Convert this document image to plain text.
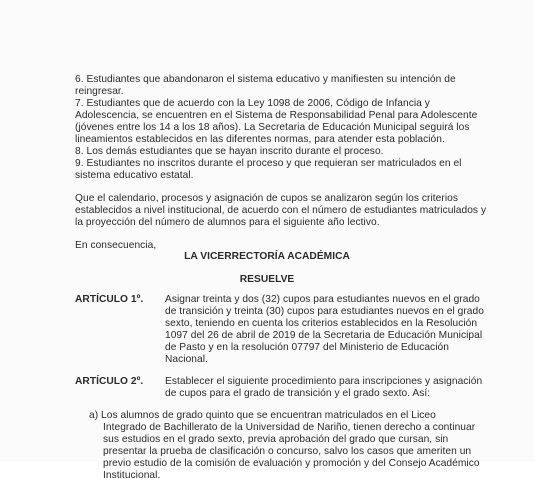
6. Estudiantes que abandonaron el sistema educativo y manifiesten su intención de
reingresar.
7. Estudiantes que de acuerdo con la Ley 1098 de 2006, Código de Infancia y
Adolescencia, se encuentren en el Sistema de Responsabilidad Penal para Adolescente
(jóvenes entre los 14 a los 18 años). La Secretaria de Educación Municipal seguirá los
lineamientos establecidos en las diferentes normas, para atender esta población.
8. Los demás estudiantes que se hayan inscrito durante el proceso.
9. Estudiantes no inscritos durante el proceso y que requieran ser matriculados en el
sistema educativo estatal.
Que el calendario, procesos y asignación de cupos se analizaron según los criterios
establecidos a nivel institucional, de acuerdo con el número de estudiantes matriculados y
la proyección del número de alumnos para el siguiente año lectivo.
En consecuencia,
LA VICERRECTORÍA ACADÉMICA
RESUELVE
ARTÍCULO 1º. Asignar treinta y dos (32) cupos para estudiantes nuevos en el grado
de transición y treinta (30) cupos para estudiantes nuevos en el grado
sexto, teniendo en cuenta los criterios establecidos en la Resolución
1097 del 26 de abril de 2019 de la Secretaria de Educación Municipal
de Pasto y en la resolución 07797 del Ministerio de Educación
Nacional.
ARTÍCULO 2º. Establecer el siguiente procedimiento para inscripciones y asignación
de cupos para el grado de transición y el grado sexto. Así:
a) Los alumnos de grado quinto que se encuentran matriculados en el Liceo
Integrado de Bachillerato de la Universidad de Nariño, tienen derecho a continuar
sus estudios en el grado sexto, previa aprobación del grado que cursan, sin
presentar la prueba de clasificación o concurso, salvo los casos que ameriten un
previo estudio de la comisión de evaluación y promoción y del Consejo Académico
Institucional.
